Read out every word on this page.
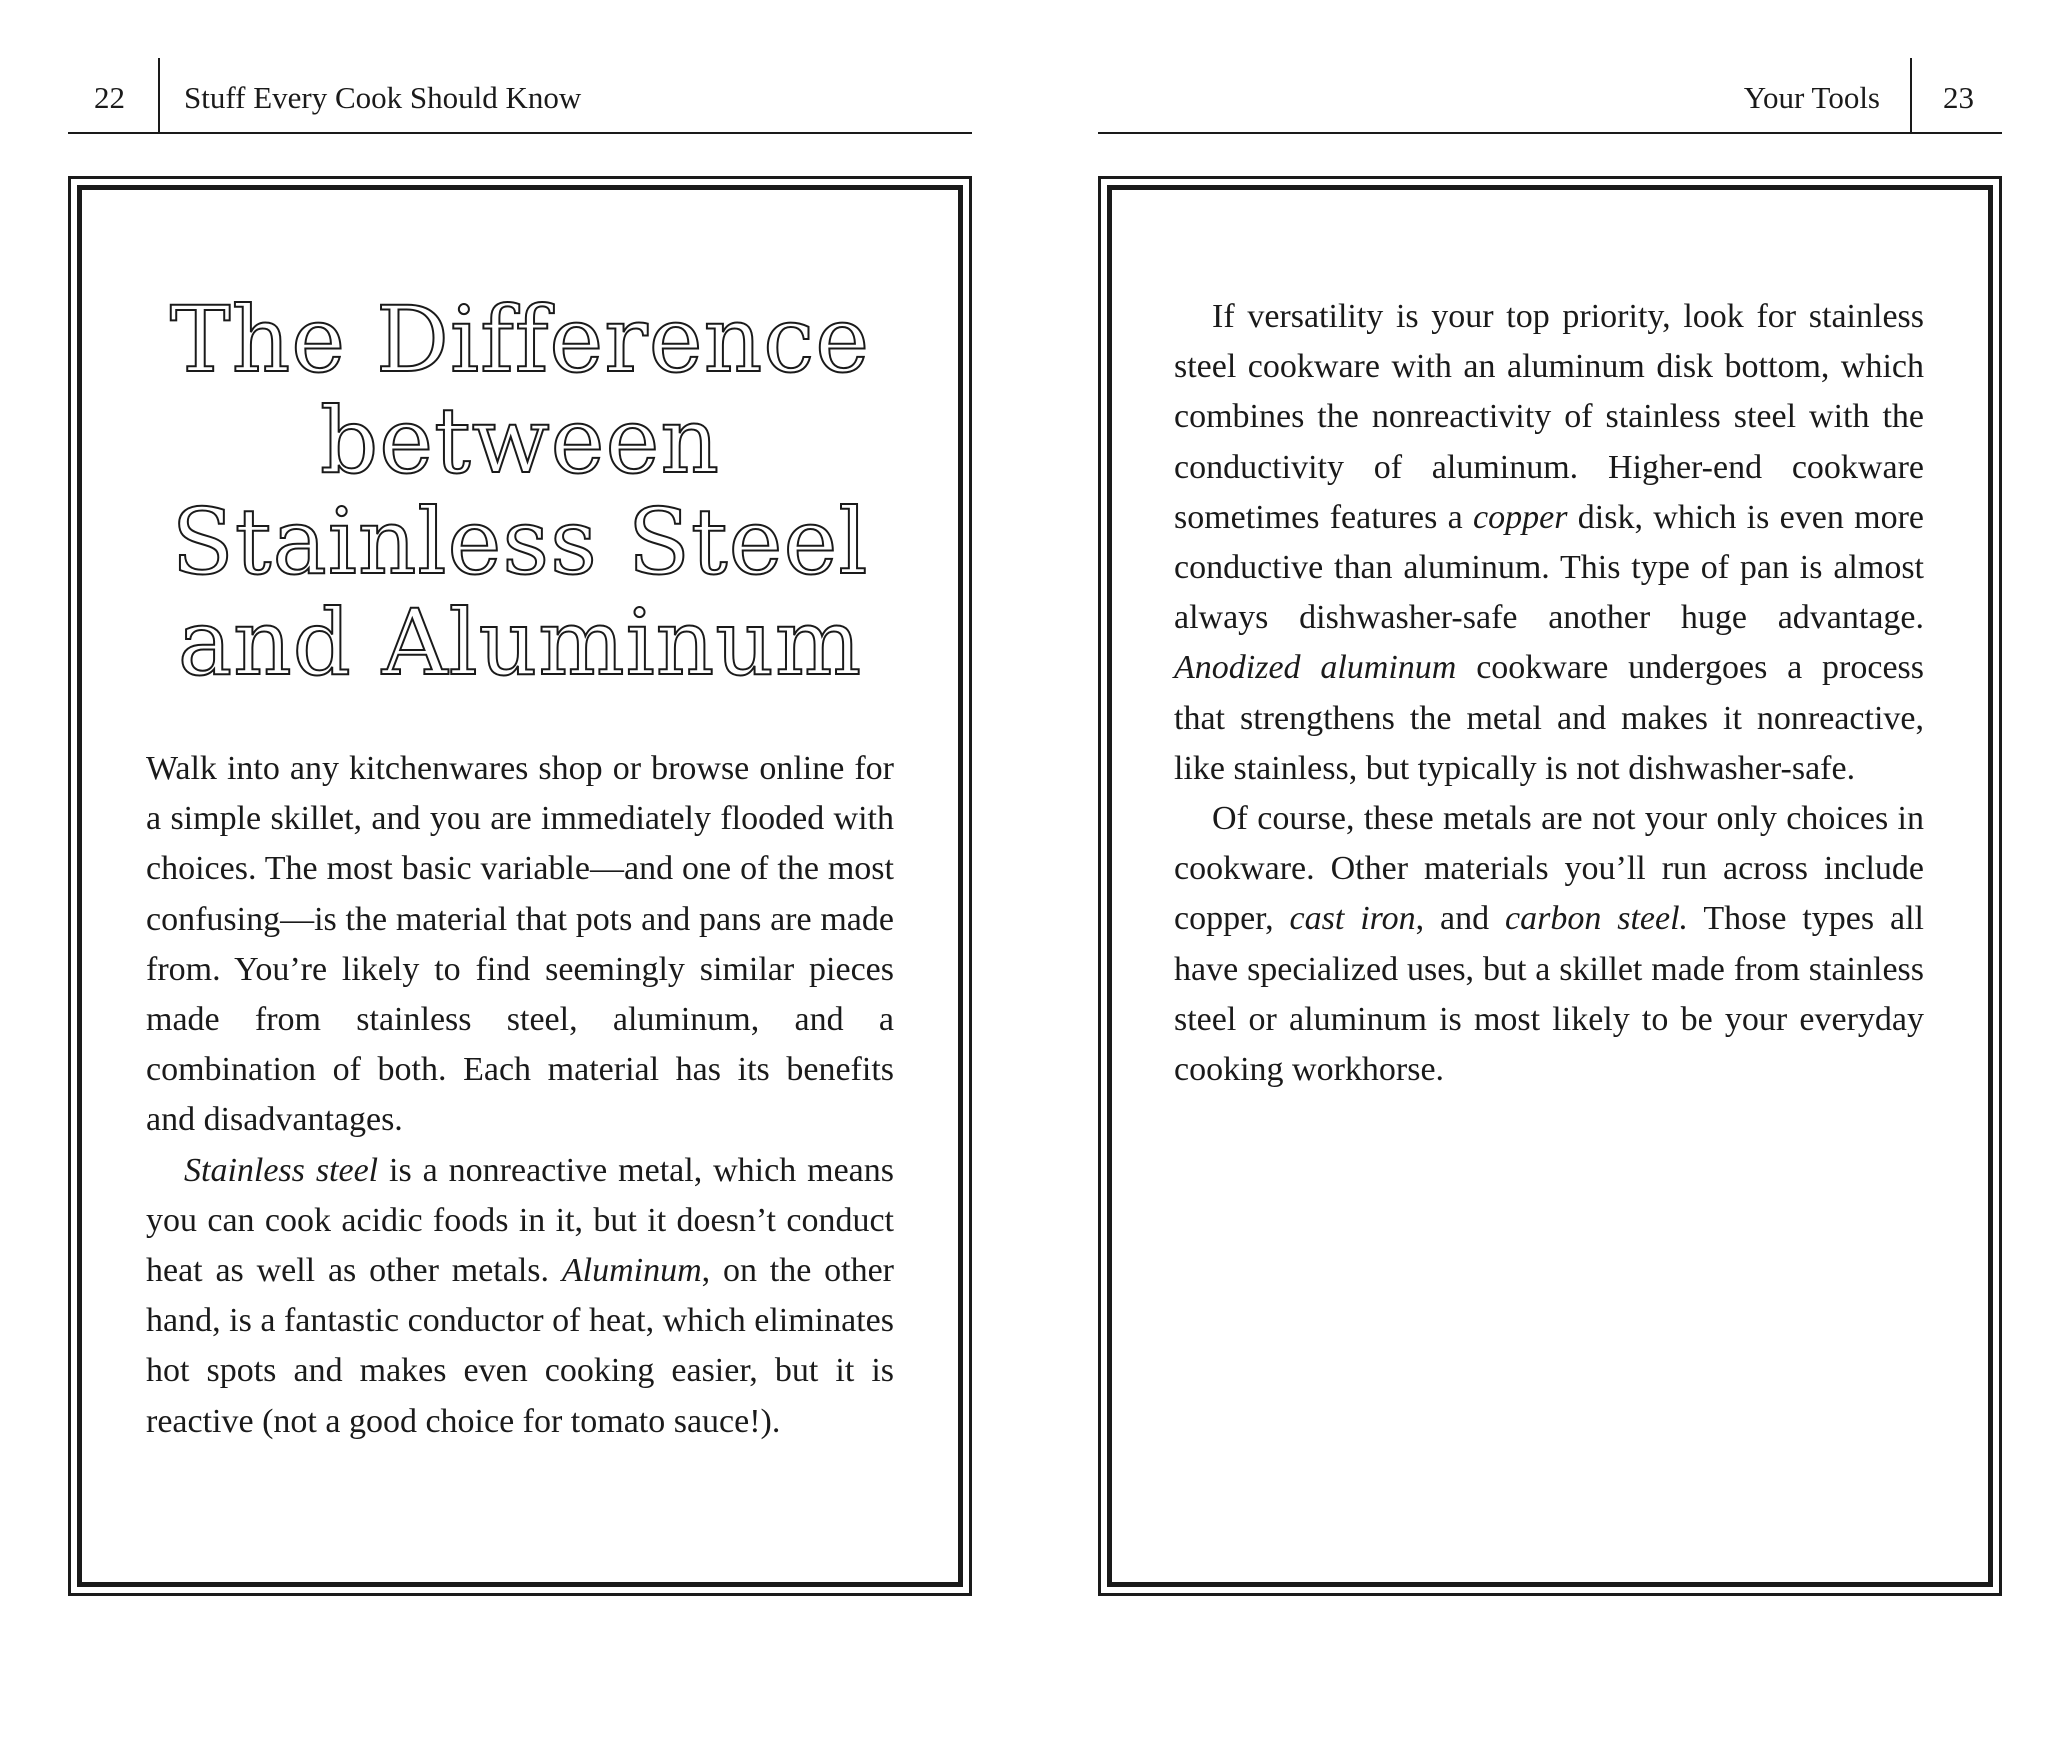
22 Stuff Every Cook Should Know	Your Tools 23
The Difference
between
Stainless Steel
and Aluminum

Walk into any kitchenwares shop or browse online for a simple skillet, and you are immediately flooded with choices. The most basic variable—and one of the most confusing—is the material that pots and pans are made from. You’re likely to find seemingly similar pieces made from stainless steel, aluminum, and a combination of both. Each material has its benefits and disadvantages.

Stainless steel is a nonreactive metal, which means you can cook acidic foods in it, but it doesn’t conduct heat as well as other metals. Aluminum, on the other hand, is a fantastic conductor of heat, which eliminates hot spots and makes even cooking easier, but it is reactive (not a good choice for tomato sauce!).

If versatility is your top priority, look for stainless steel cookware with an aluminum disk bottom, which combines the nonreactivity of stainless steel with the conductivity of aluminum. Higher-end cookware sometimes features a copper disk, which is even more conductive than aluminum. This type of pan is almost always dishwasher-safe another huge advantage. Anodized aluminum cookware undergoes a process that strengthens the metal and makes it nonreactive, like stainless, but typically is not dishwasher-safe.

Of course, these metals are not your only choices in cookware. Other materials you’ll run across include copper, cast iron, and carbon steel. Those types all have specialized uses, but a skillet made from stainless steel or aluminum is most likely to be your everyday cooking workhorse.
